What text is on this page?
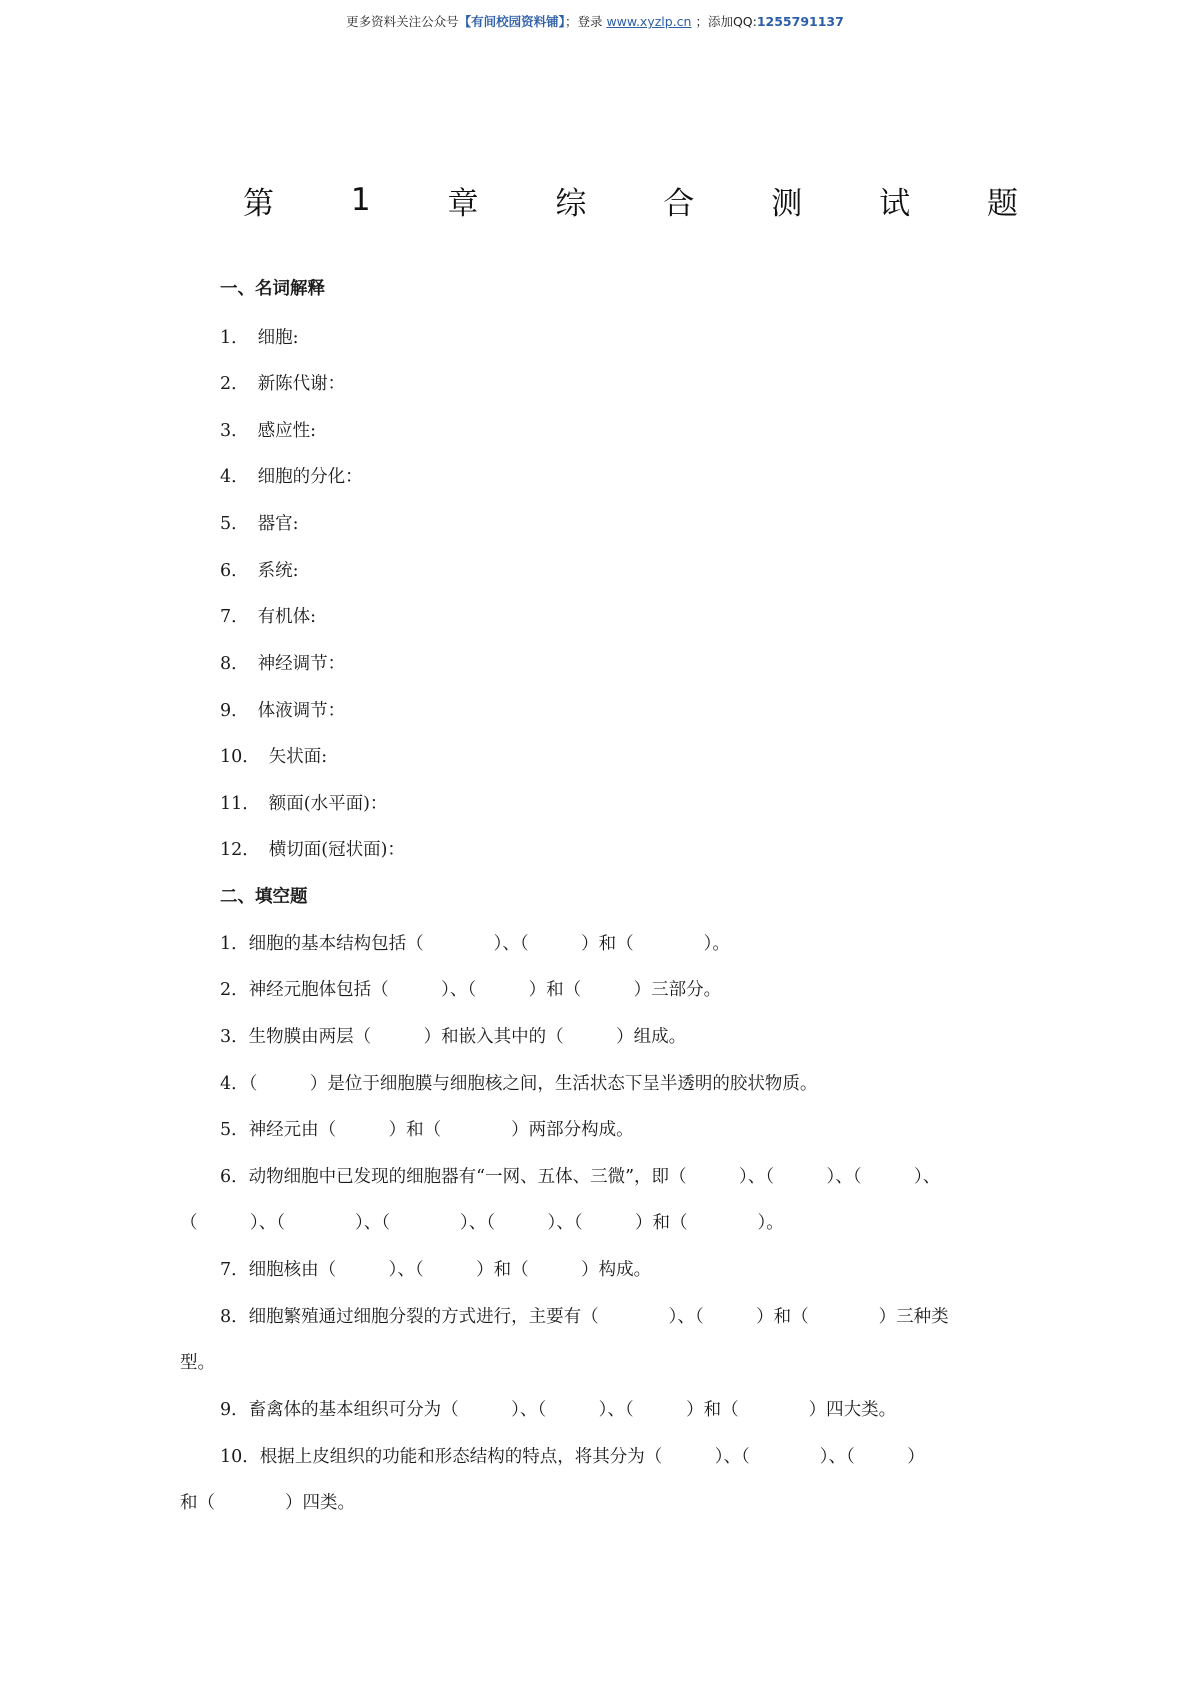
更多资料关注公众号【有间校园资料铺】；登录 www.xyzlp.cn ；添加QQ:1255791137
第 1 章 综 合 测 试 题
一、名词解释
1． 细胞:
2． 新陈代谢：
3． 感应性:
4． 细胞的分化：
5． 器官:
6． 系统:
7． 有机体:
8． 神经调节：
9． 体液调节：
10． 矢状面:
11． 额面(水平面)：
12． 横切面(冠状面)：
二、填空题
1．细胞的基本结构包括（　　　　）、（　　　）和（　　　　）。
2．神经元胞体包括（　　　）、（　　　）和（　　　）三部分。
3．生物膜由两层（　　　）和嵌入其中的（　　　）组成。
4．（　　　）是位于细胞膜与细胞核之间，生活状态下呈半透明的胶状物质。
5．神经元由（　　　）和（　　　　）两部分构成。
6．动物细胞中已发现的细胞器有“一网、五体、三微”，即（　　　）、（　　　）、（　　　）、
（　　　）、（　　　　）、（　　　　）、（　　　）、（　　　）和（　　　　）。
7．细胞核由（　　　）、（　　　）和（　　　）构成。
8．细胞繁殖通过细胞分裂的方式进行，主要有（　　　　）、（　　　）和（　　　　）三种类
型。
9．畜禽体的基本组织可分为（　　　）、（　　　）、（　　　）和（　　　　）四大类。
10．根据上皮组织的功能和形态结构的特点，将其分为（　　　）、（　　　　）、（　　　）
和（　　　　）四类。
